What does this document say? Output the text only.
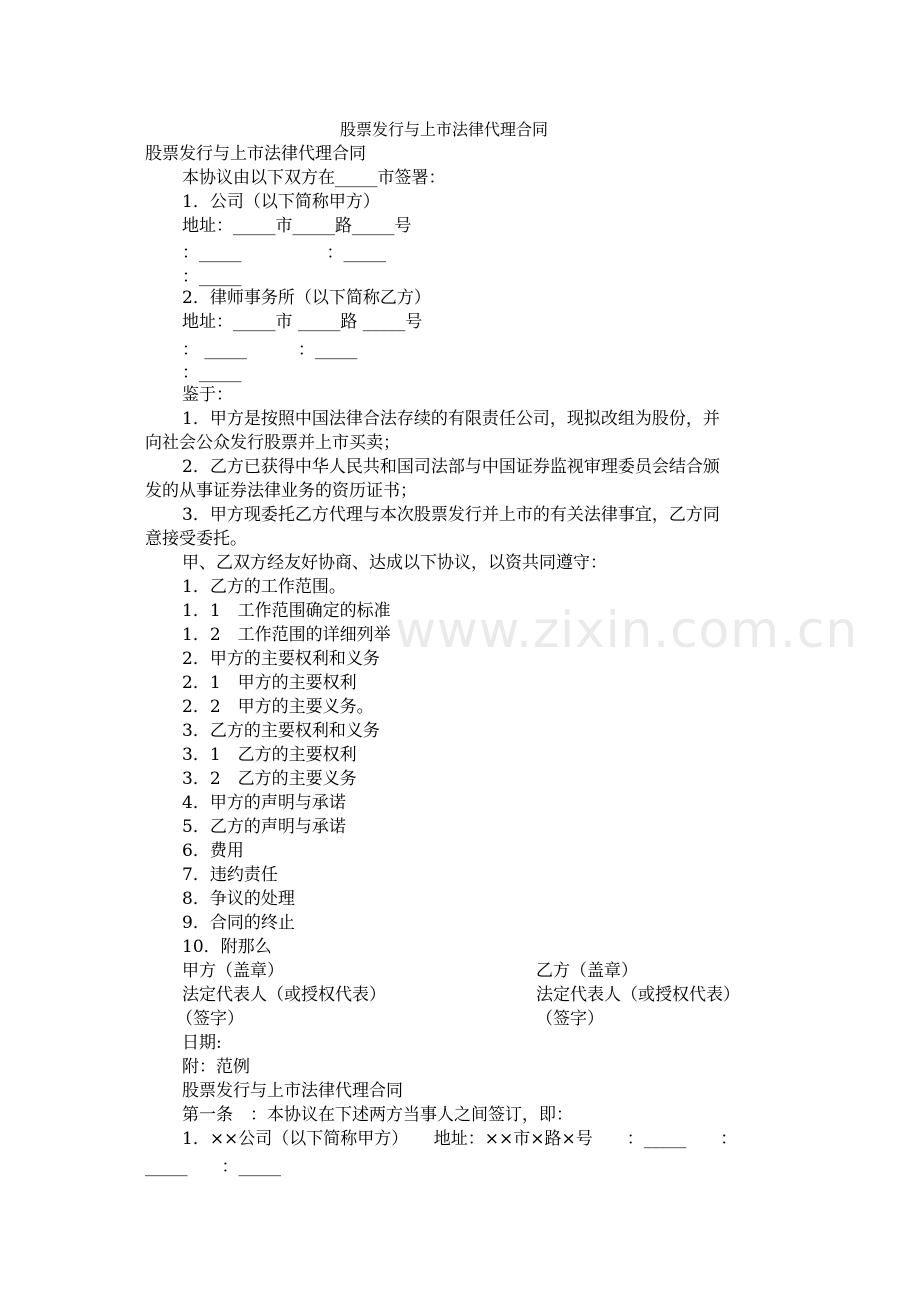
股票发行与上市法律代理合同
股票发行与上市法律代理合同
本协议由以下双方在_____市签署：
1．公司（以下简称甲方）
地址：_____市_____路_____号
：_____　　　　　：_____
：_____
2．律师事务所（以下简称乙方）
地址：_____市 _____路 _____号
： _____　　　：_____
：_____
鉴于：
1．甲方是按照中国法律合法存续的有限责任公司，现拟改组为股份，并
向社会公众发行股票并上市买卖；
2．乙方已获得中华人民共和国司法部与中国证券监视审理委员会结合颁
发的从事证券法律业务的资历证书；
3．甲方现委托乙方代理与本次股票发行并上市的有关法律事宜，乙方同
意接受委托。
甲、乙双方经友好协商、达成以下协议，以资共同遵守：
1．乙方的工作范围。
1．1　工作范围确定的标准
1．2　工作范围的详细列举
2．甲方的主要权利和义务
2．1　甲方的主要权利
2．2　甲方的主要义务。
3．乙方的主要权利和义务
3．1　乙方的主要权利
3．2　乙方的主要义务
4．甲方的声明与承诺
5．乙方的声明与承诺
6．费用
7．违约责任
8．争议的处理
9．合同的终止
10．附那么
甲方（盖章）	乙方（盖章）
法定代表人（或授权代表）	法定代表人（或授权代表）
（签字）	（签字）
日期:
附：范例
股票发行与上市法律代理合同
第一条　：本协议在下述两方当事人之间签订，即：
1．××公司（以下简称甲方）　　地址：××市×路×号　　：_____　　：
_____　　：_____
www.zixin.com.cn
